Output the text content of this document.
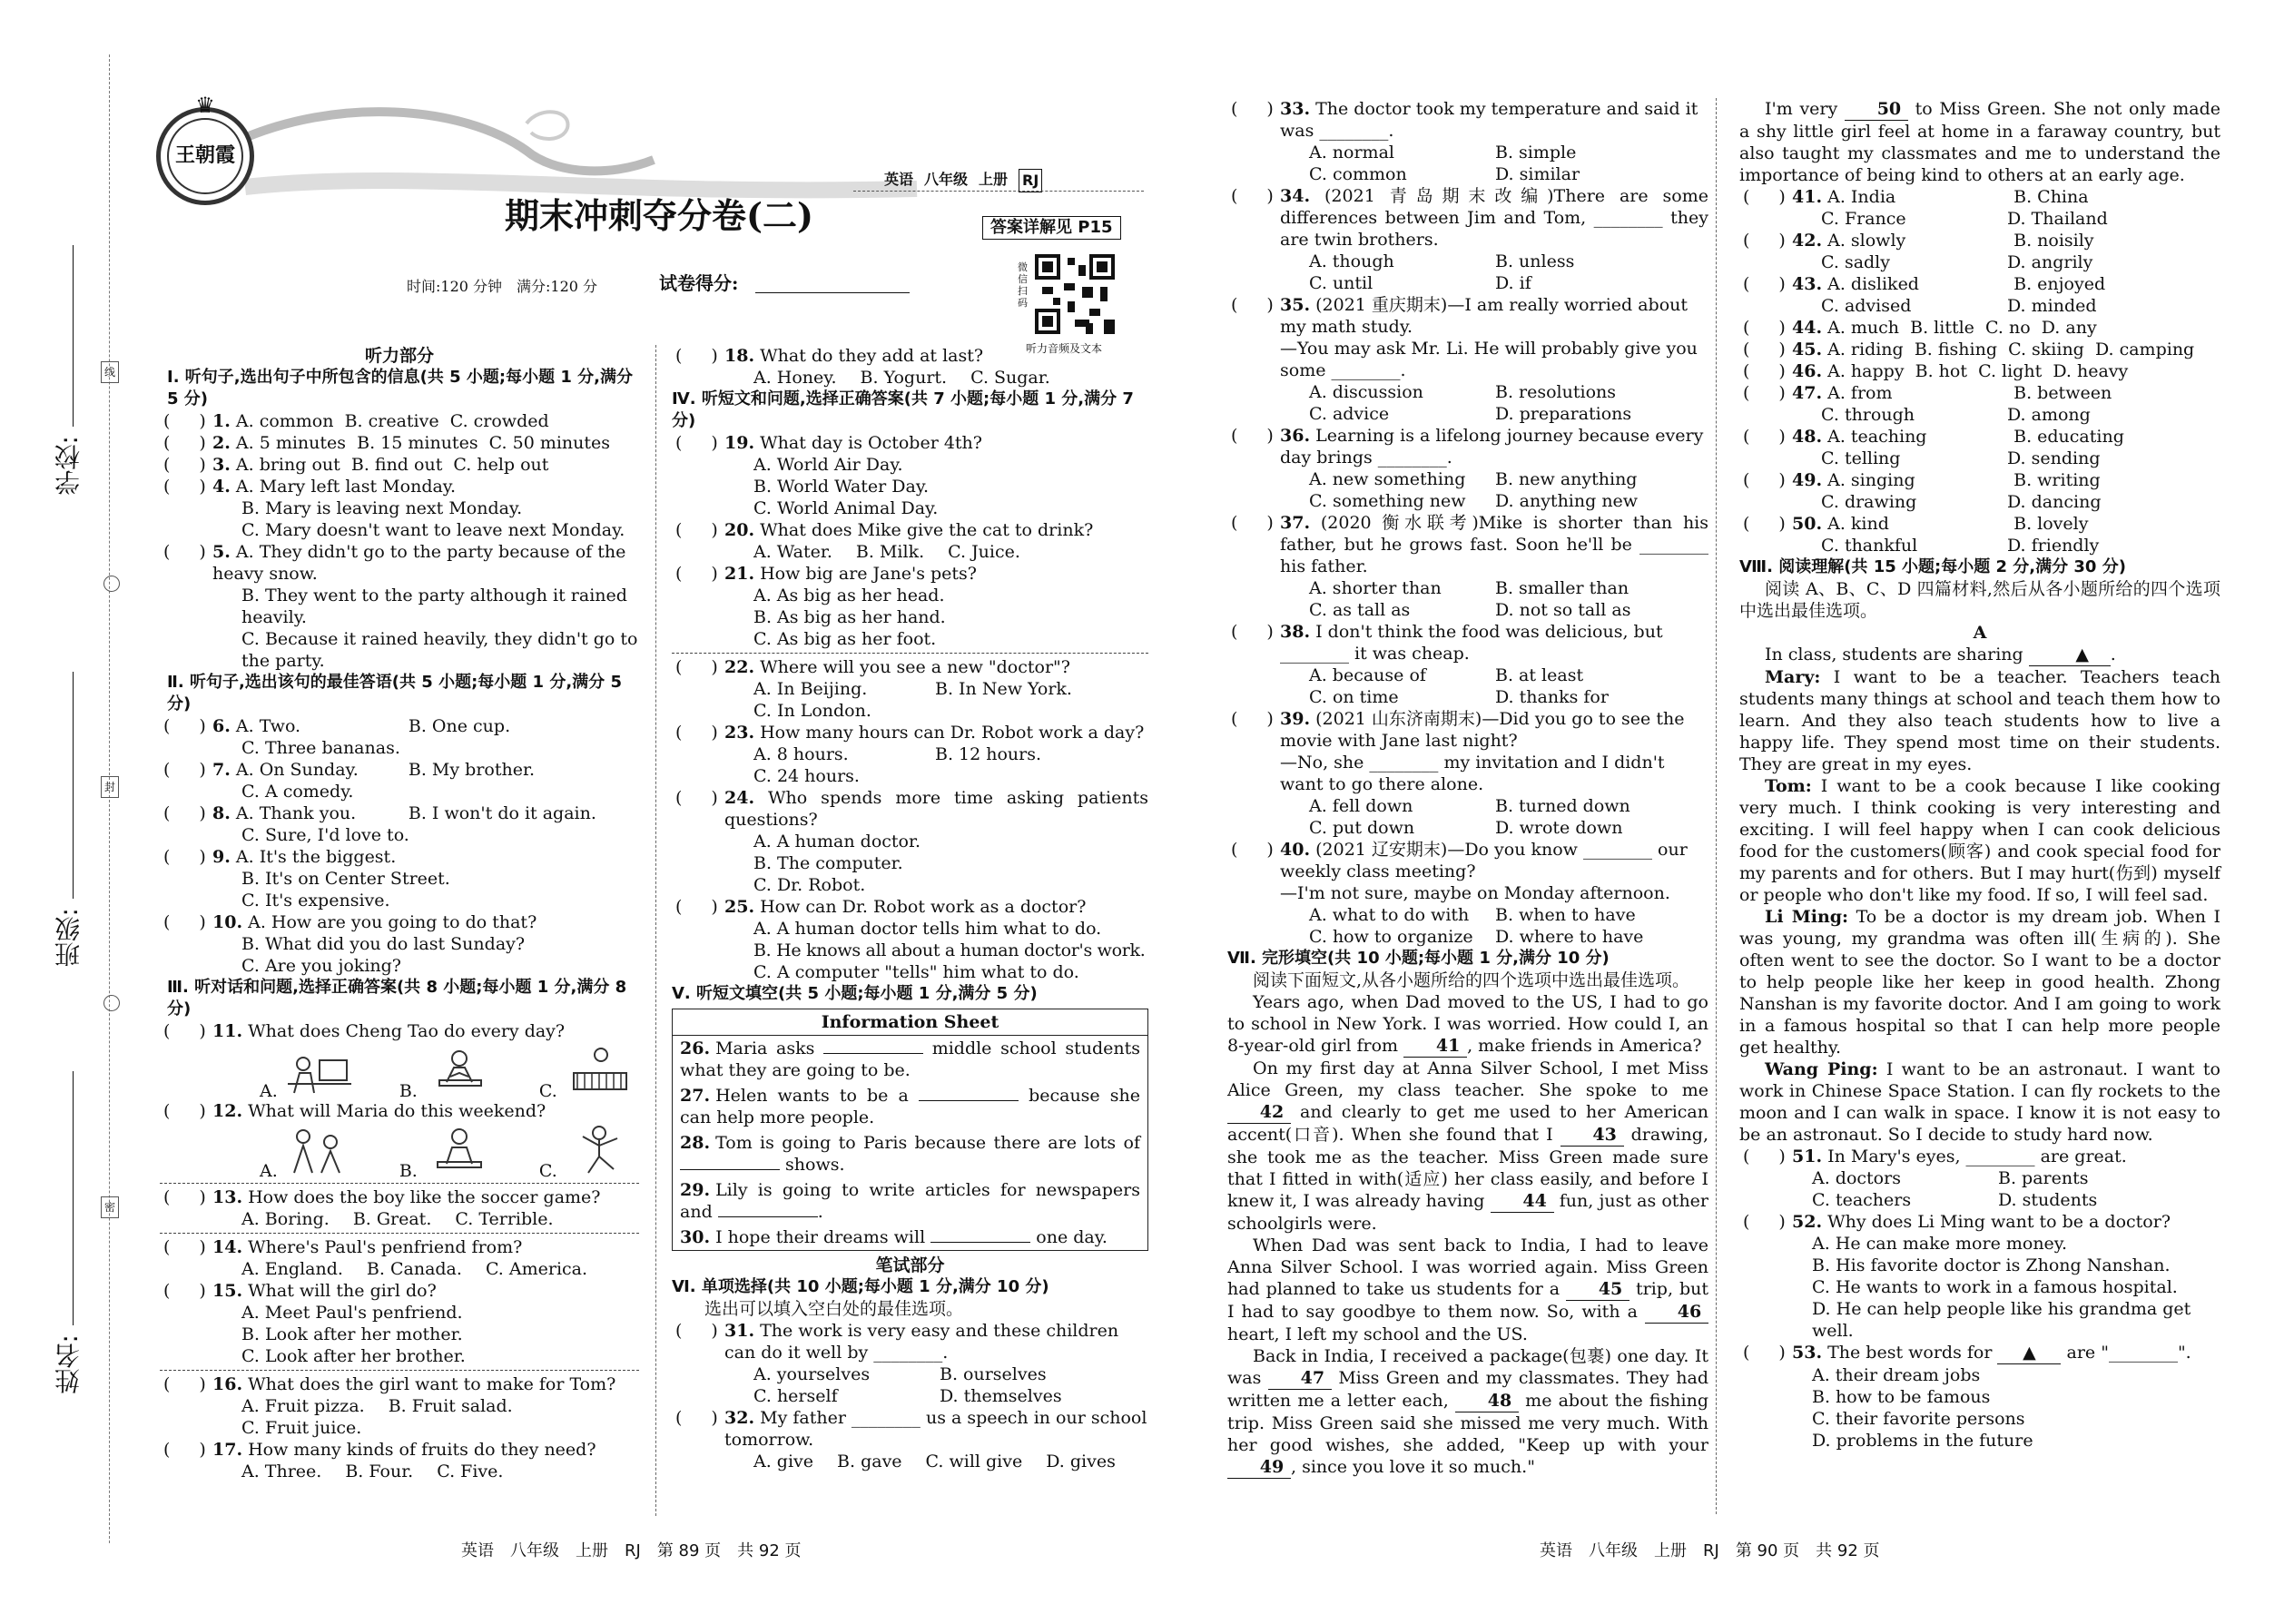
学校:
班级:
姓名:
线
封
密
王朝霞
♛
英语 八年级 上册 RJ
期末冲刺夺分卷(二)	答案详解见 P15
时间:120 分钟　满分:120 分	试卷得分:
微信扫码
听力音频及文本

听力部分

Ⅰ. 听句子,选出句子中所包含的信息(共 5 小题;每小题 1 分,满分 5 分)

( )
1. A. common B. creative C. crowded
( )
2. A. 5 minutes B. 15 minutes C. 50 minutes
( )
3. A. bring out B. find out C. help out
( )
4. A. Mary left last Monday.

B. Mary is leaving next Monday.

C. Mary doesn't want to leave next Monday.

( )
5. A. They didn't go to the party because of the heavy snow.

B. They went to the party although it rained heavily.

C. Because it rained heavily, they didn't go to the party.

Ⅱ. 听句子,选出该句的最佳答语(共 5 小题;每小题 1 分,满分 5 分)

( )
6. A. Two.	B. One cup.

C. Three bananas.

( )
7. A. On Sunday.	B. My brother.

C. A comedy.

( )
8. A. Thank you.	B. I won't do it again.

C. Sure, I'd love to.

( )
9. A. It's the biggest.

B. It's on Center Street.

C. It's expensive.

( )
10. A. How are you going to do that?

B. What did you do last Sunday?

C. Are you joking?

Ⅲ. 听对话和问题,选择正确答案(共 8 小题;每小题 1 分,满分 8 分)

( )
11. What does Cheng Tao do every day?
A.	B.	C.
( )
12. What will Maria do this weekend?
A.	B.	C.
( )
13. How does the boy like the soccer game?
A. Boring. B. Great. C. Terrible.
( )
14. Where's Paul's penfriend from?
A. England. B. Canada. C. America.
( )
15. What will the girl do?

A. Meet Paul's penfriend.

B. Look after her mother.

C. Look after her brother.

( )
16. What does the girl want to make for Tom?
A. Fruit pizza. B. Fruit salad.

C. Fruit juice.

( )
17. How many kinds of fruits do they need?
A. Three. B. Four. C. Five.
( )
18. What do they add at last?
A. Honey. B. Yogurt. C. Sugar.

Ⅳ. 听短文和问题,选择正确答案(共 7 小题;每小题 1 分,满分 7 分)

( )
19. What day is October 4th?

A. World Air Day.

B. World Water Day.

C. World Animal Day.

( )
20. What does Mike give the cat to drink?
A. Water. B. Milk. C. Juice.
( )
21. How big are Jane's pets?

A. As big as her head.

B. As big as her hand.

C. As big as her foot.

( )
22. Where will you see a new "doctor"?
A. In Beijing.	B. In New York.

C. In London.

( )
23. How many hours can Dr. Robot work a day?
A. 8 hours.	B. 12 hours.

C. 24 hours.

( )
24. Who spends more time asking patients questions?

A. A human doctor.

B. The computer.

C. Dr. Robot.

( )
25. How can Dr. Robot work as a doctor?

A. A human doctor tells him what to do.

B. He knows all about a human doctor's work.

C. A computer "tells" him what to do.

Ⅴ. 听短文填空(共 5 小题;每小题 1 分,满分 5 分)

Information Sheet
26. Maria asks	middle school students what they are going to be.
27. Helen wants to be a	because she can help more people.
28. Tom is going to Paris because there are lots of  shows.
29. Lily is going to write articles for newspapers and	.
30. I hope their dreams will	one day.

笔试部分

Ⅵ. 单项选择(共 10 小题;每小题 1 分,满分 10 分)

选出可以填入空白处的最佳选项。

( )
31. The work is very easy and these children can do it well by ________.
A. yourselves	B. ourselves
C. herself	D. themselves
( )
32. My father ________ us a speech in our school tomorrow.
A. give B. gave C. will give D. gives
( )
33. The doctor took my temperature and said it was ________.
A. normal	B. simple
C. common	D. similar
( )
34. (2021 青岛期末改编)There are some differences between Jim and Tom, ________ they are twin brothers.
A. though	B. unless
C. until	D. if
( )
35. (2021 重庆期末)—I am really worried about my math study.

—You may ask Mr. Li. He will probably give you some ________.

A. discussion	B. resolutions
C. advice	D. preparations
( )
36. Learning is a lifelong journey because every day brings ________.
A. new something	B. new anything
C. something new	D. anything new
( )
37. (2020 衡水联考)Mike is shorter than his father, but he grows fast. Soon he'll be ________ his father.
A. shorter than	B. smaller than
C. as tall as	D. not so tall as
( )
38. I don't think the food was delicious, but ________ it was cheap.
A. because of	B. at least
C. on time	D. thanks for
( )
39. (2021 山东济南期末)—Did you go to see the movie with Jane last night?

—No, she ________ my invitation and I didn't want to go there alone.

A. fell down	B. turned down
C. put down	D. wrote down
( )
40. (2021 辽安期末)—Do you know ________ our weekly class meeting?

—I'm not sure, maybe on Monday afternoon.

A. what to do with	B. when to have
C. how to organize	D. where to have

Ⅶ. 完形填空(共 10 小题;每小题 1 分,满分 10 分)

阅读下面短文,从各小题所给的四个选项中选出最佳选项。

Years ago, when Dad moved to the US, I had to go to school in New York. I was worried. How could I, an 8-year-old girl from 41 , make friends in America?

On my first day at Anna Silver School, I met Miss Alice Green, my class teacher. She spoke to me 42 and clearly to get me used to her American accent(口音). When she found that I 43 drawing, she took me as the teacher. Miss Green made sure that I fitted in with(适应) her class easily, and before I knew it, I was already having 44 fun, just as other schoolgirls were.

When Dad was sent back to India, I had to leave Anna Silver School. I was worried again. Miss Green had planned to take us students for a 45 trip, but I had to say goodbye to them now. So, with a 46 heart, I left my school and the US.

Back in India, I received a package(包裹) one day. It was 47 Miss Green and my classmates. They had written me a letter each, 48 me about the fishing trip. Miss Green said she missed me very much. With her good wishes, she added, "Keep up with your 49 , since you love it so much."

I'm very 50 to Miss Green. She not only made a shy little girl feel at home in a faraway country, but also taught my classmates and me to understand the importance of being kind to others at an early age.

( )
41. A. India	B. China
C. France	D. Thailand
( )
42. A. slowly	B. noisily
C. sadly	D. angrily
( )
43. A. disliked	B. enjoyed
C. advised	D. minded
( )
44. A. much B. little C. no D. any
( )
45. A. riding B. fishing C. skiing D. camping
( )
46. A. happy B. hot C. light D. heavy
( )
47. A. from	B. between
C. through	D. among
( )
48. A. teaching	B. educating
C. telling	D. sending
( )
49. A. singing	B. writing
C. drawing	D. dancing
( )
50. A. kind	B. lovely
C. thankful	D. friendly

Ⅷ. 阅读理解(共 15 小题;每小题 2 分,满分 30 分)

阅读 A、B、C、D 四篇材料,然后从各小题所给的四个选项中选出最佳选项。

A

In class, students are sharing	▲ .

Mary: I want to be a teacher. Teachers teach students many things at school and teach them how to learn. And they also teach students how to live a happy life. They spend most time on their students. They are great in my eyes.

Tom: I want to be a cook because I like cooking very much. I think cooking is very interesting and exciting. I will feel happy when I can cook delicious food for the customers(顾客) and cook special food for my parents and for others. But I may hurt(伤到) myself or people who don't like my food. If so, I will feel sad.

Li Ming: To be a doctor is my dream job. When I was young, my grandma was often ill(生病的). She often went to see the doctor. So I want to be a doctor to help people like her keep in good health. Zhong Nanshan is my favorite doctor. And I am going to work in a famous hospital so that I can help more people get healthy.

Wang Ping: I want to be an astronaut. I want to work in Chinese Space Station. I can fly rockets to the moon and I can walk in space. I know it is not easy to be an astronaut. So I decide to study hard now.

( )
51. In Mary's eyes, ________ are great.
A. doctors	B. parents
C. teachers	D. students
( )
52. Why does Li Ming want to be a doctor?

A. He can make more money.

B. His favorite doctor is Zhong Nanshan.

C. He wants to work in a famous hospital.

D. He can help people like his grandma get well.

( )
53. The best words for ▲ are "________".

A. their dream jobs

B. how to be famous

C. their favorite persons

D. problems in the future

英语　八年级　上册　RJ　第 89 页　共 92 页	英语　八年级　上册　RJ　第 90 页　共 92 页
